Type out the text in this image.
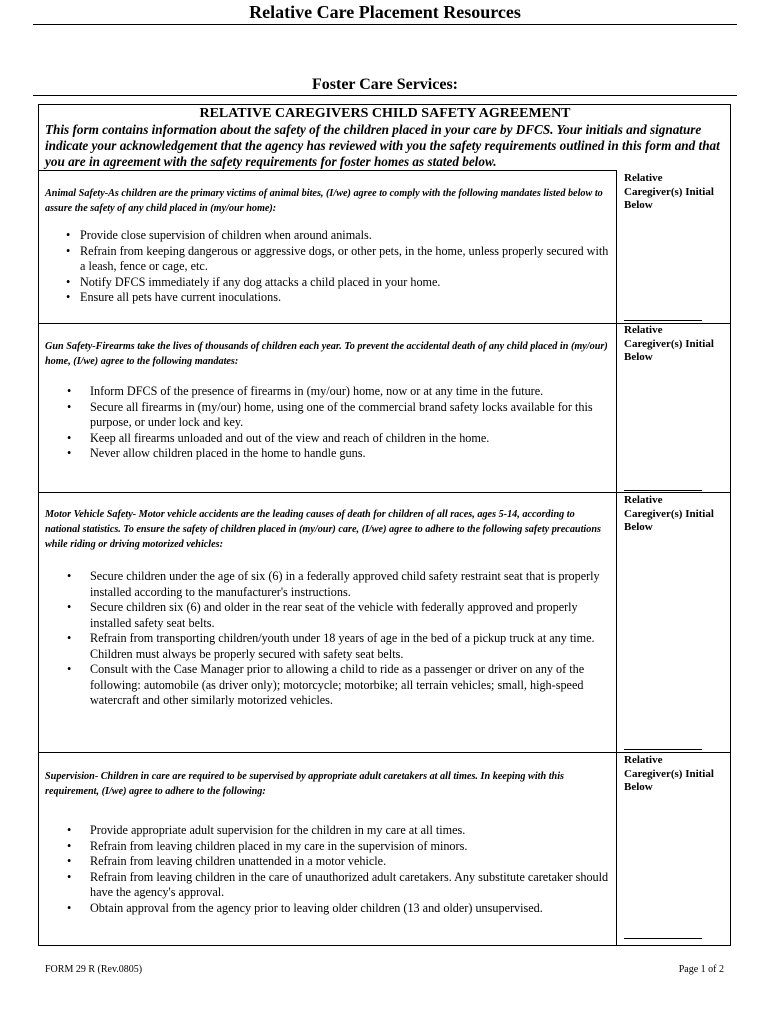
Relative Care Placement Resources
Foster Care Services:
RELATIVE CAREGIVERS CHILD SAFETY AGREEMENT
This form contains information about the safety of the children placed in your care by DFCS. Your initials and signature indicate your acknowledgement that the agency has reviewed with you the safety requirements outlined in this form and that you are in agreement with the safety requirements for foster homes as stated below.
Relative
Caregiver(s) Initial
Below
Animal Safety-As children are the primary victims of animal bites, (I/we) agree to comply with the following mandates listed below to assure the safety of any child placed in (my/our home):
• Provide close supervision of children when around animals.
• Refrain from keeping dangerous or aggressive dogs, or other pets, in the home, unless properly secured with a leash, fence or cage, etc.
• Notify DFCS immediately if any dog attacks a child placed in your home.
• Ensure all pets have current inoculations.
Relative
Caregiver(s) Initial
Below
Gun Safety-Firearms take the lives of thousands of children each year. To prevent the accidental death of any child placed in (my/our) home, (I/we) agree to the following mandates:
• Inform DFCS of the presence of firearms in (my/our) home, now or at any time in the future.
• Secure all firearms in (my/our) home, using one of the commercial brand safety locks available for this purpose, or under lock and key.
• Keep all firearms unloaded and out of the view and reach of children in the home.
• Never allow children placed in the home to handle guns.
Relative
Caregiver(s) Initial
Below
Motor Vehicle Safety- Motor vehicle accidents are the leading causes of death for children of all races, ages 5-14, according to national statistics. To ensure the safety of children placed in (my/our) care, (I/we) agree to adhere to the following safety precautions while riding or driving motorized vehicles:
• Secure children under the age of six (6) in a federally approved child safety restraint seat that is properly installed according to the manufacturer's instructions.
• Secure children six (6) and older in the rear seat of the vehicle with federally approved and properly installed safety seat belts.
• Refrain from transporting children/youth under 18 years of age in the bed of a pickup truck at any time. Children must always be properly secured with safety seat belts.
• Consult with the Case Manager prior to allowing a child to ride as a passenger or driver on any of the following: automobile (as driver only); motorcycle; motorbike; all terrain vehicles; small, high-speed watercraft and other similarly motorized vehicles.
Relative
Caregiver(s) Initial
Below
Supervision- Children in care are required to be supervised by appropriate adult caretakers at all times. In keeping with this requirement, (I/we) agree to adhere to the following:
• Provide appropriate adult supervision for the children in my care at all times.
• Refrain from leaving children placed in my care in the supervision of minors.
• Refrain from leaving children unattended in a motor vehicle.
• Refrain from leaving children in the care of unauthorized adult caretakers. Any substitute caretaker should have the agency's approval.
• Obtain approval from the agency prior to leaving older children (13 and older) unsupervised.
FORM 29 R (Rev.0805)	Page 1 of 2
